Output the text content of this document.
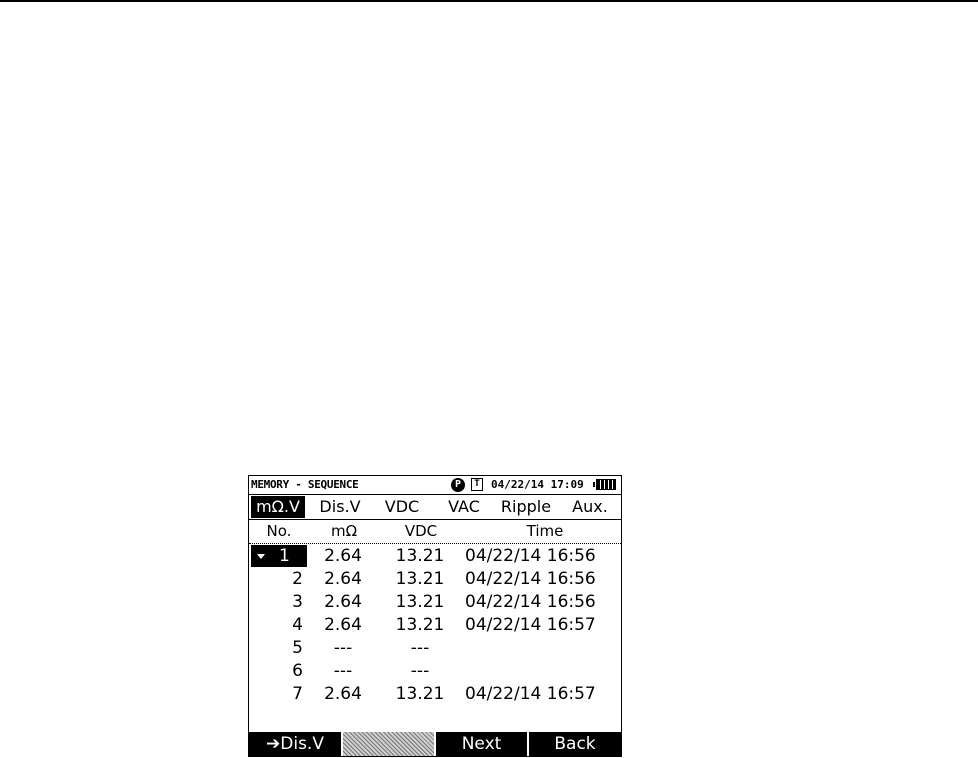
MEMORY - SEQUENCE	P	T 04/22/14 17:09
mΩ.V	Dis.V	VDC	VAC	Ripple	Aux.
No.	mΩ	VDC	Time
1	2.64	13.21	04/22/14 16:56
2	2.64	13.21	04/22/14 16:56
3	2.64	13.21	04/22/14 16:56
4	2.64	13.21	04/22/14 16:57
5	---	---
6	---	---
7	2.64	13.21	04/22/14 16:57
➔Dis.V	Next	Back
